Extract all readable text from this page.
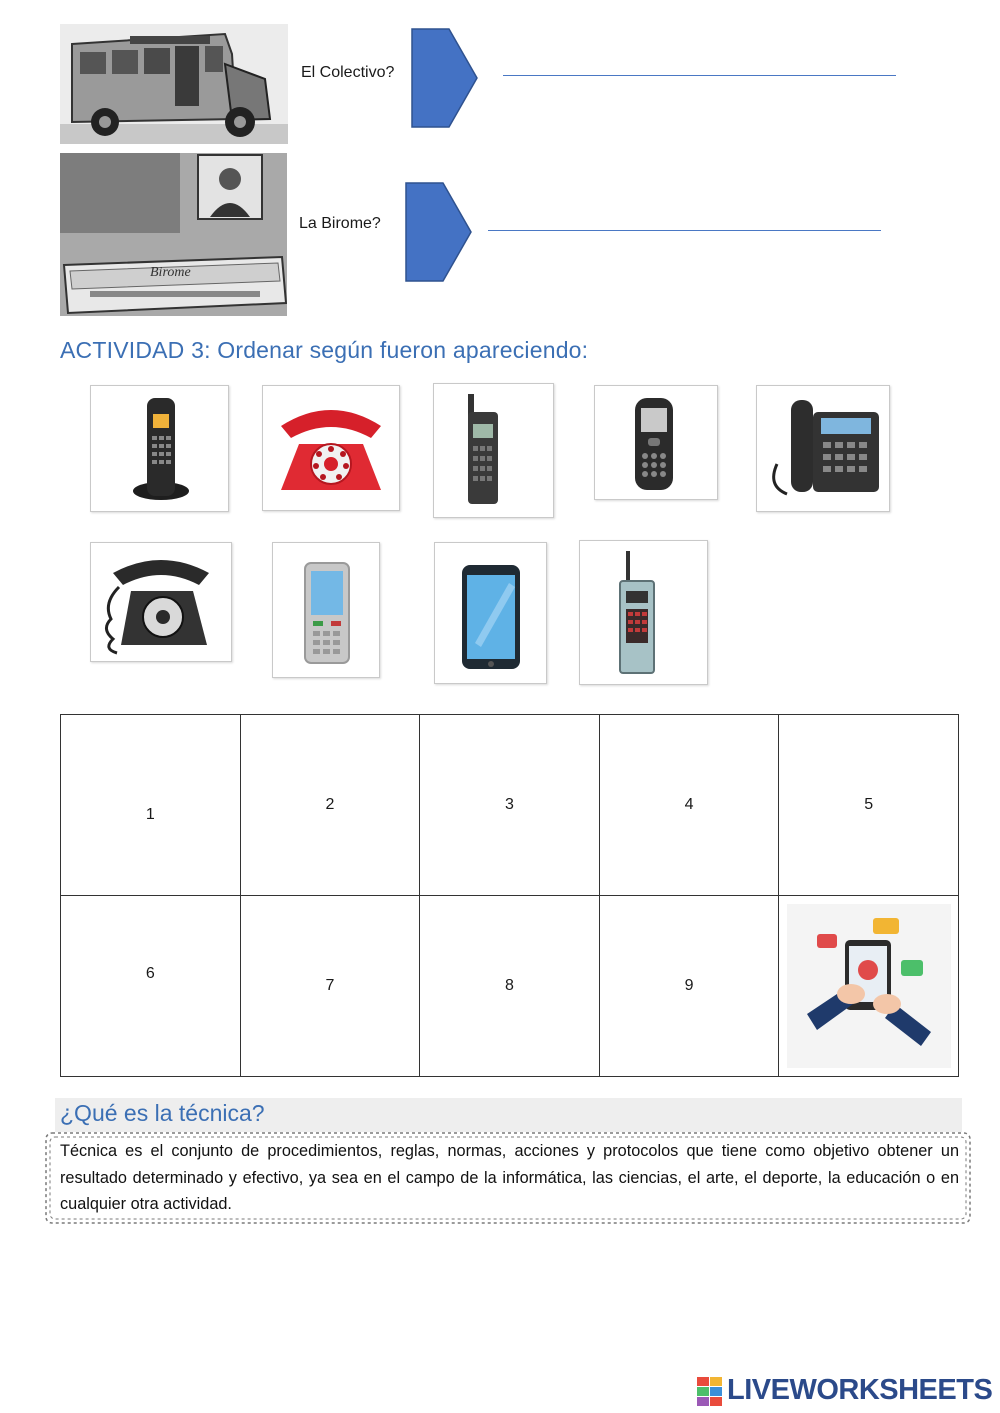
El Colectivo?
Birome
La Birome?
ACTIVIDAD 3: Ordenar según fueron apareciendo:
1	2	3	4	5
6	7	8	9	
¿Qué es la técnica?
Técnica es el conjunto de procedimientos, reglas, normas, acciones y protocolos que tiene como objetivo obtener un resultado determinado y efectivo, ya sea en el campo de la informática, las ciencias, el arte, el deporte, la educación o en cualquier otra actividad.
LIVEWORKSHEETS
